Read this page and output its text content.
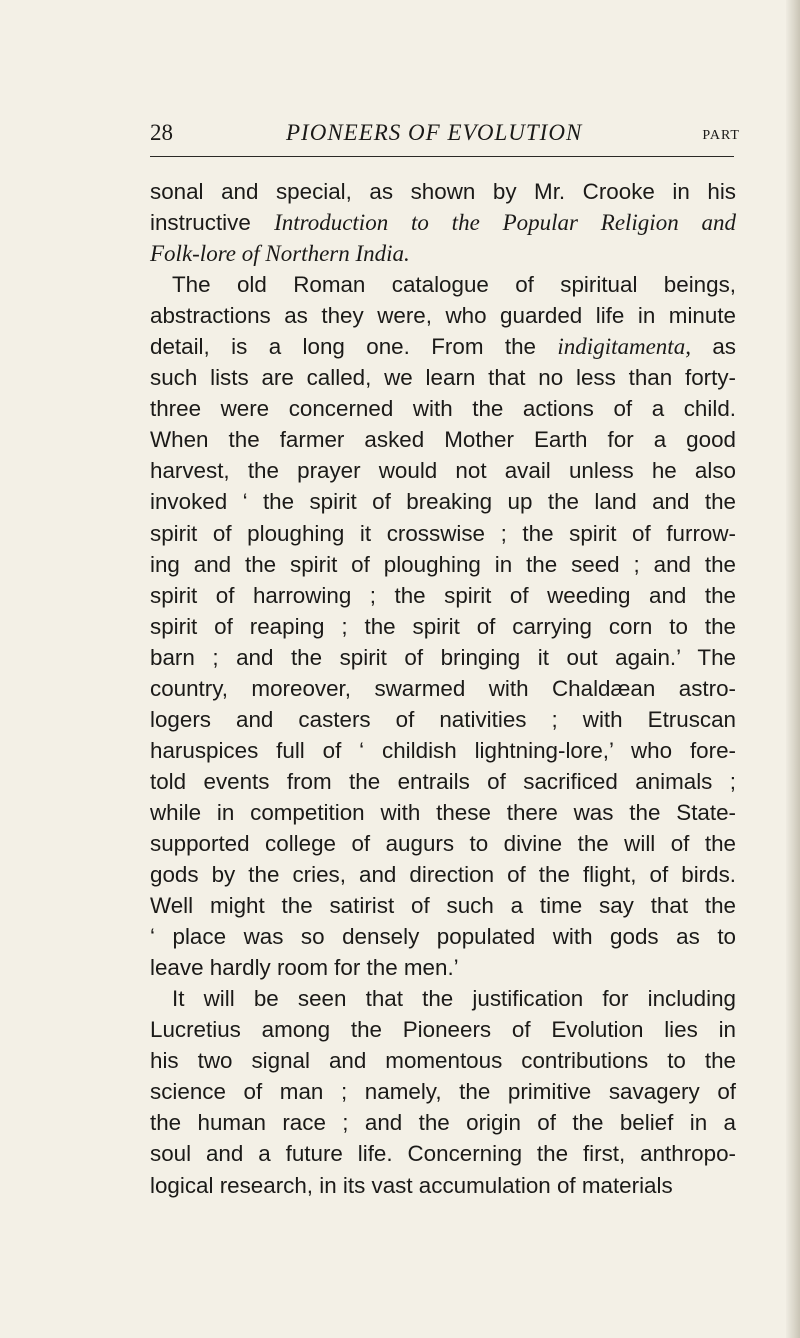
28	PIONEERS OF EVOLUTION	PART
sonal and special, as shown by Mr. Crooke in his
instructive Introduction to the Popular Religion and
Folk-lore of Northern India.
The old Roman catalogue of spiritual beings,
abstractions as they were, who guarded life in minute
detail, is a long one. From the indigitamenta, as
such lists are called, we learn that no less than forty-
three were concerned with the actions of a child.
When the farmer asked Mother Earth for a good
harvest, the prayer would not avail unless he also
invoked ‘ the spirit of breaking up the land and the
spirit of ploughing it crosswise ; the spirit of furrow-
ing and the spirit of ploughing in the seed ; and the
spirit of harrowing ; the spirit of weeding and the
spirit of reaping ; the spirit of carrying corn to the
barn ; and the spirit of bringing it out again.’ The
country, moreover, swarmed with Chaldæan astro-
logers and casters of nativities ; with Etruscan
haruspices full of ‘ childish lightning-lore,’ who fore-
told events from the entrails of sacrificed animals ;
while in competition with these there was the State-
supported college of augurs to divine the will of the
gods by the cries, and direction of the flight, of birds.
Well might the satirist of such a time say that the
‘ place was so densely populated with gods as to
leave hardly room for the men.’
It will be seen that the justification for including
Lucretius among the Pioneers of Evolution lies in
his two signal and momentous contributions to the
science of man ; namely, the primitive savagery of
the human race ; and the origin of the belief in a
soul and a future life. Concerning the first, anthropo-
logical research, in its vast accumulation of materials
